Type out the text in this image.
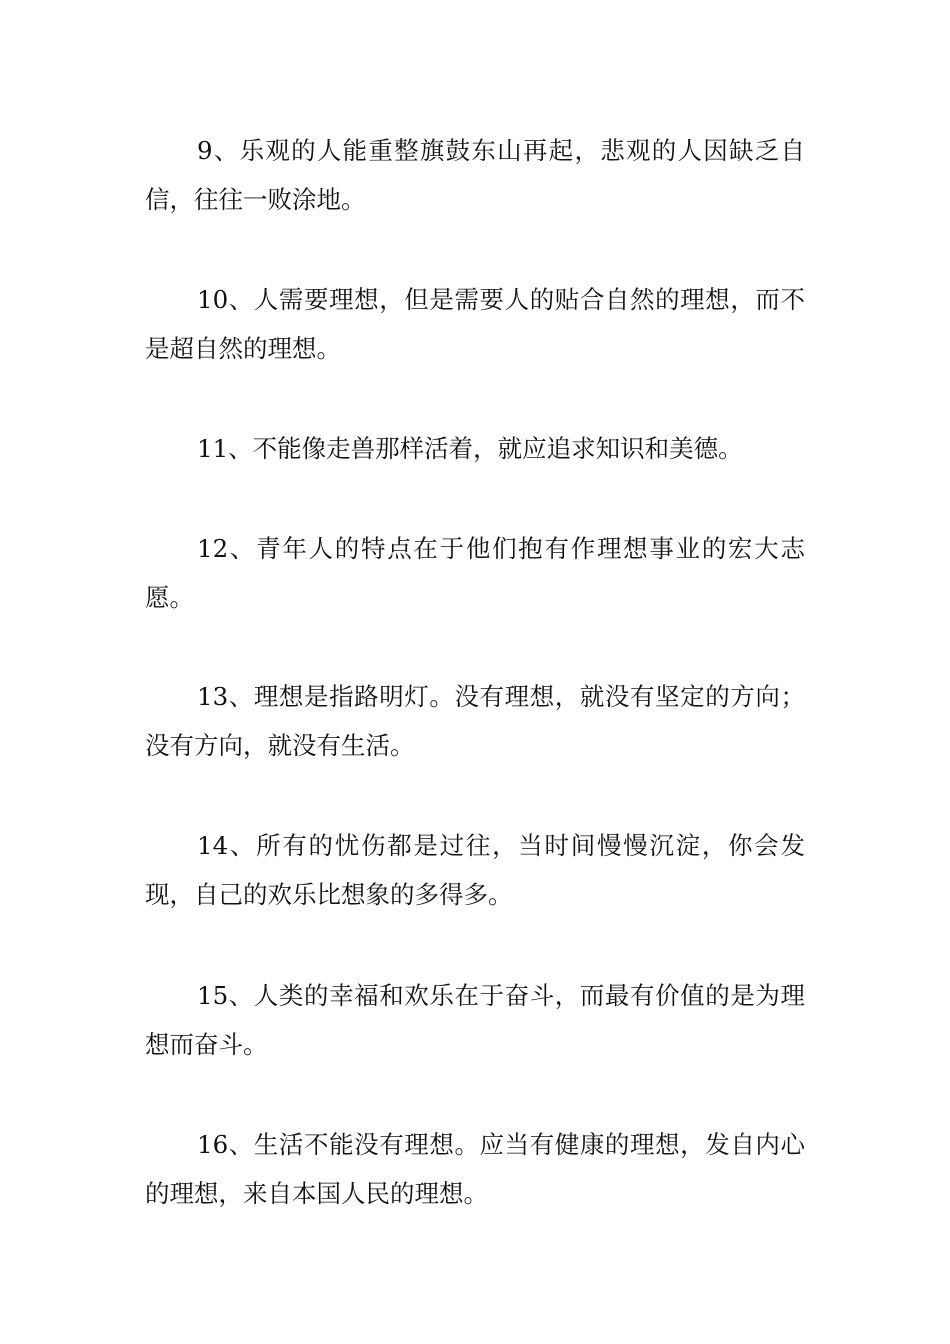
9、乐观的人能重整旗鼓东山再起，悲观的人因缺乏自信，往往一败涂地。

10、人需要理想，但是需要人的贴合自然的理想，而不是超自然的理想。

11、不能像走兽那样活着，就应追求知识和美德。

12、青年人的特点在于他们抱有作理想事业的宏大志愿。

13、理想是指路明灯。没有理想，就没有坚定的方向；没有方向，就没有生活。

14、所有的忧伤都是过往，当时间慢慢沉淀，你会发现，自己的欢乐比想象的多得多。

15、人类的幸福和欢乐在于奋斗，而最有价值的是为理想而奋斗。

16、生活不能没有理想。应当有健康的理想，发自内心的理想，来自本国人民的理想。
